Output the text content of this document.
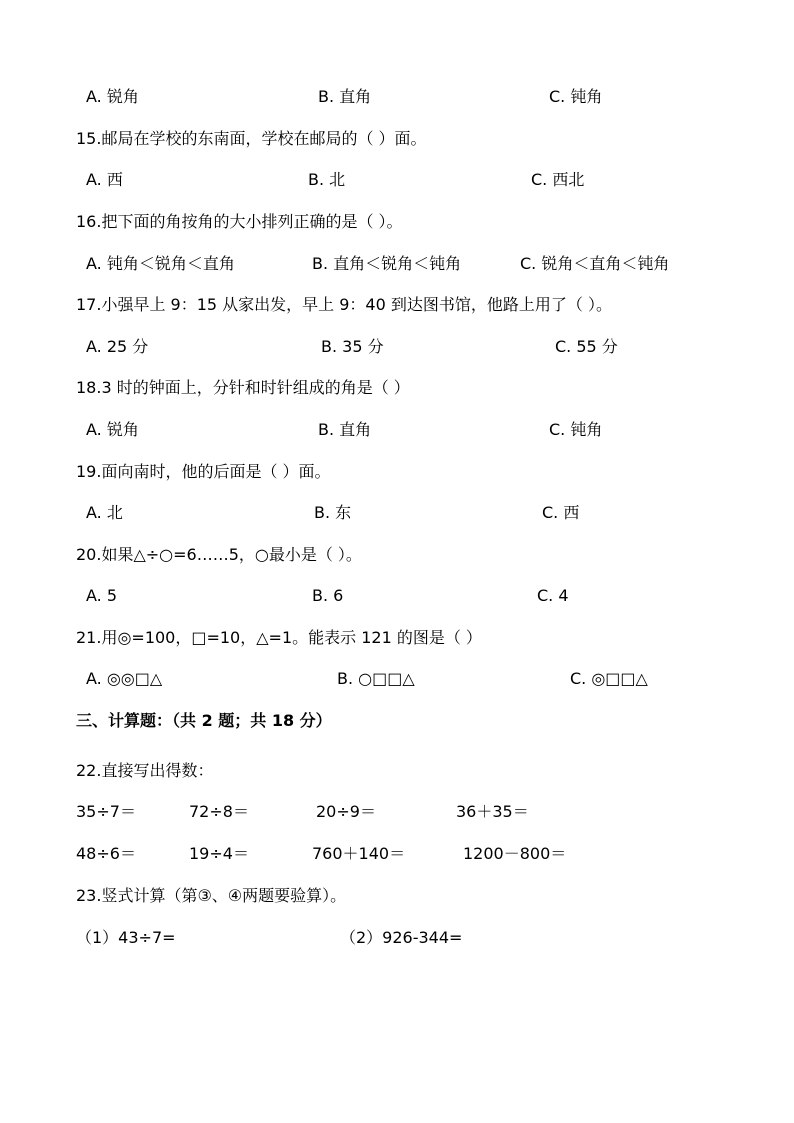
A. 锐角	B. 直角	C. 钝角
15.邮局在学校的东南面，学校在邮局的（ ）面。
A. 西	B. 北	C. 西北
16.把下面的角按角的大小排列正确的是（ ）。
A. 钝角＜锐角＜直角	B. 直角＜锐角＜钝角	C. 锐角＜直角＜钝角
17.小强早上 9：15 从家出发，早上 9：40 到达图书馆，他路上用了（ ）。
A. 25 分	B. 35 分	C. 55 分
18.3 时的钟面上，分针和时针组成的角是（ ）
A. 锐角	B. 直角	C. 钝角
19.面向南时，他的后面是（ ）面。
A. 北	B. 东	C. 西
20.如果△÷○=6……5，○最小是（ ）。
A. 5	B. 6	C. 4
21.用◎=100，□=10，△=1。能表示 121 的图是（ ）
A. ◎◎□△	B. ○□□△	C. ◎□□△
三、计算题：（共 2 题；共 18 分）
22.直接写出得数：
35÷7＝	72÷8＝	20÷9＝	36＋35＝
48÷6＝	19÷4＝	760＋140＝	1200－800＝
23.竖式计算（第③、④两题要验算）。
（1）43÷7=	（2）926-344=
